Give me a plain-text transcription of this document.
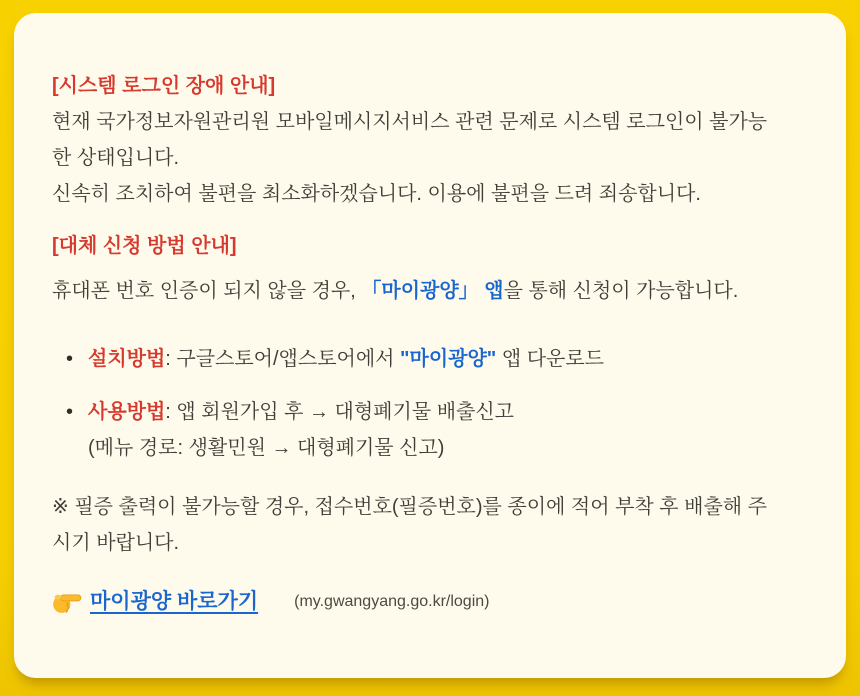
[시스템 로그인 장애 안내]
현재 국가정보자원관리원 모바일메시지서비스 관련 문제로 시스템 로그인이 불가능
한 상태입니다.
신속히 조치하여 불편을 최소화하겠습니다. 이용에 불편을 드려 죄송합니다.
[대체 신청 방법 안내]
휴대폰 번호 인증이 되지 않을 경우, 「마이광양」 앱을 통해 신청이 가능합니다.
• 설치방법: 구글스토어/앱스토어에서 "마이광양" 앱 다운로드
• 사용방법: 앱 회원가입 후 → 대형폐기물 배출신고
(메뉴 경로: 생활민원 → 대형폐기물 신고)
※ 필증 출력이 불가능할 경우, 접수번호(필증번호)를 종이에 적어 부착 후 배출해 주
시기 바랍니다.
마이광양 바로가기 (my.gwangyang.go.kr/login)
